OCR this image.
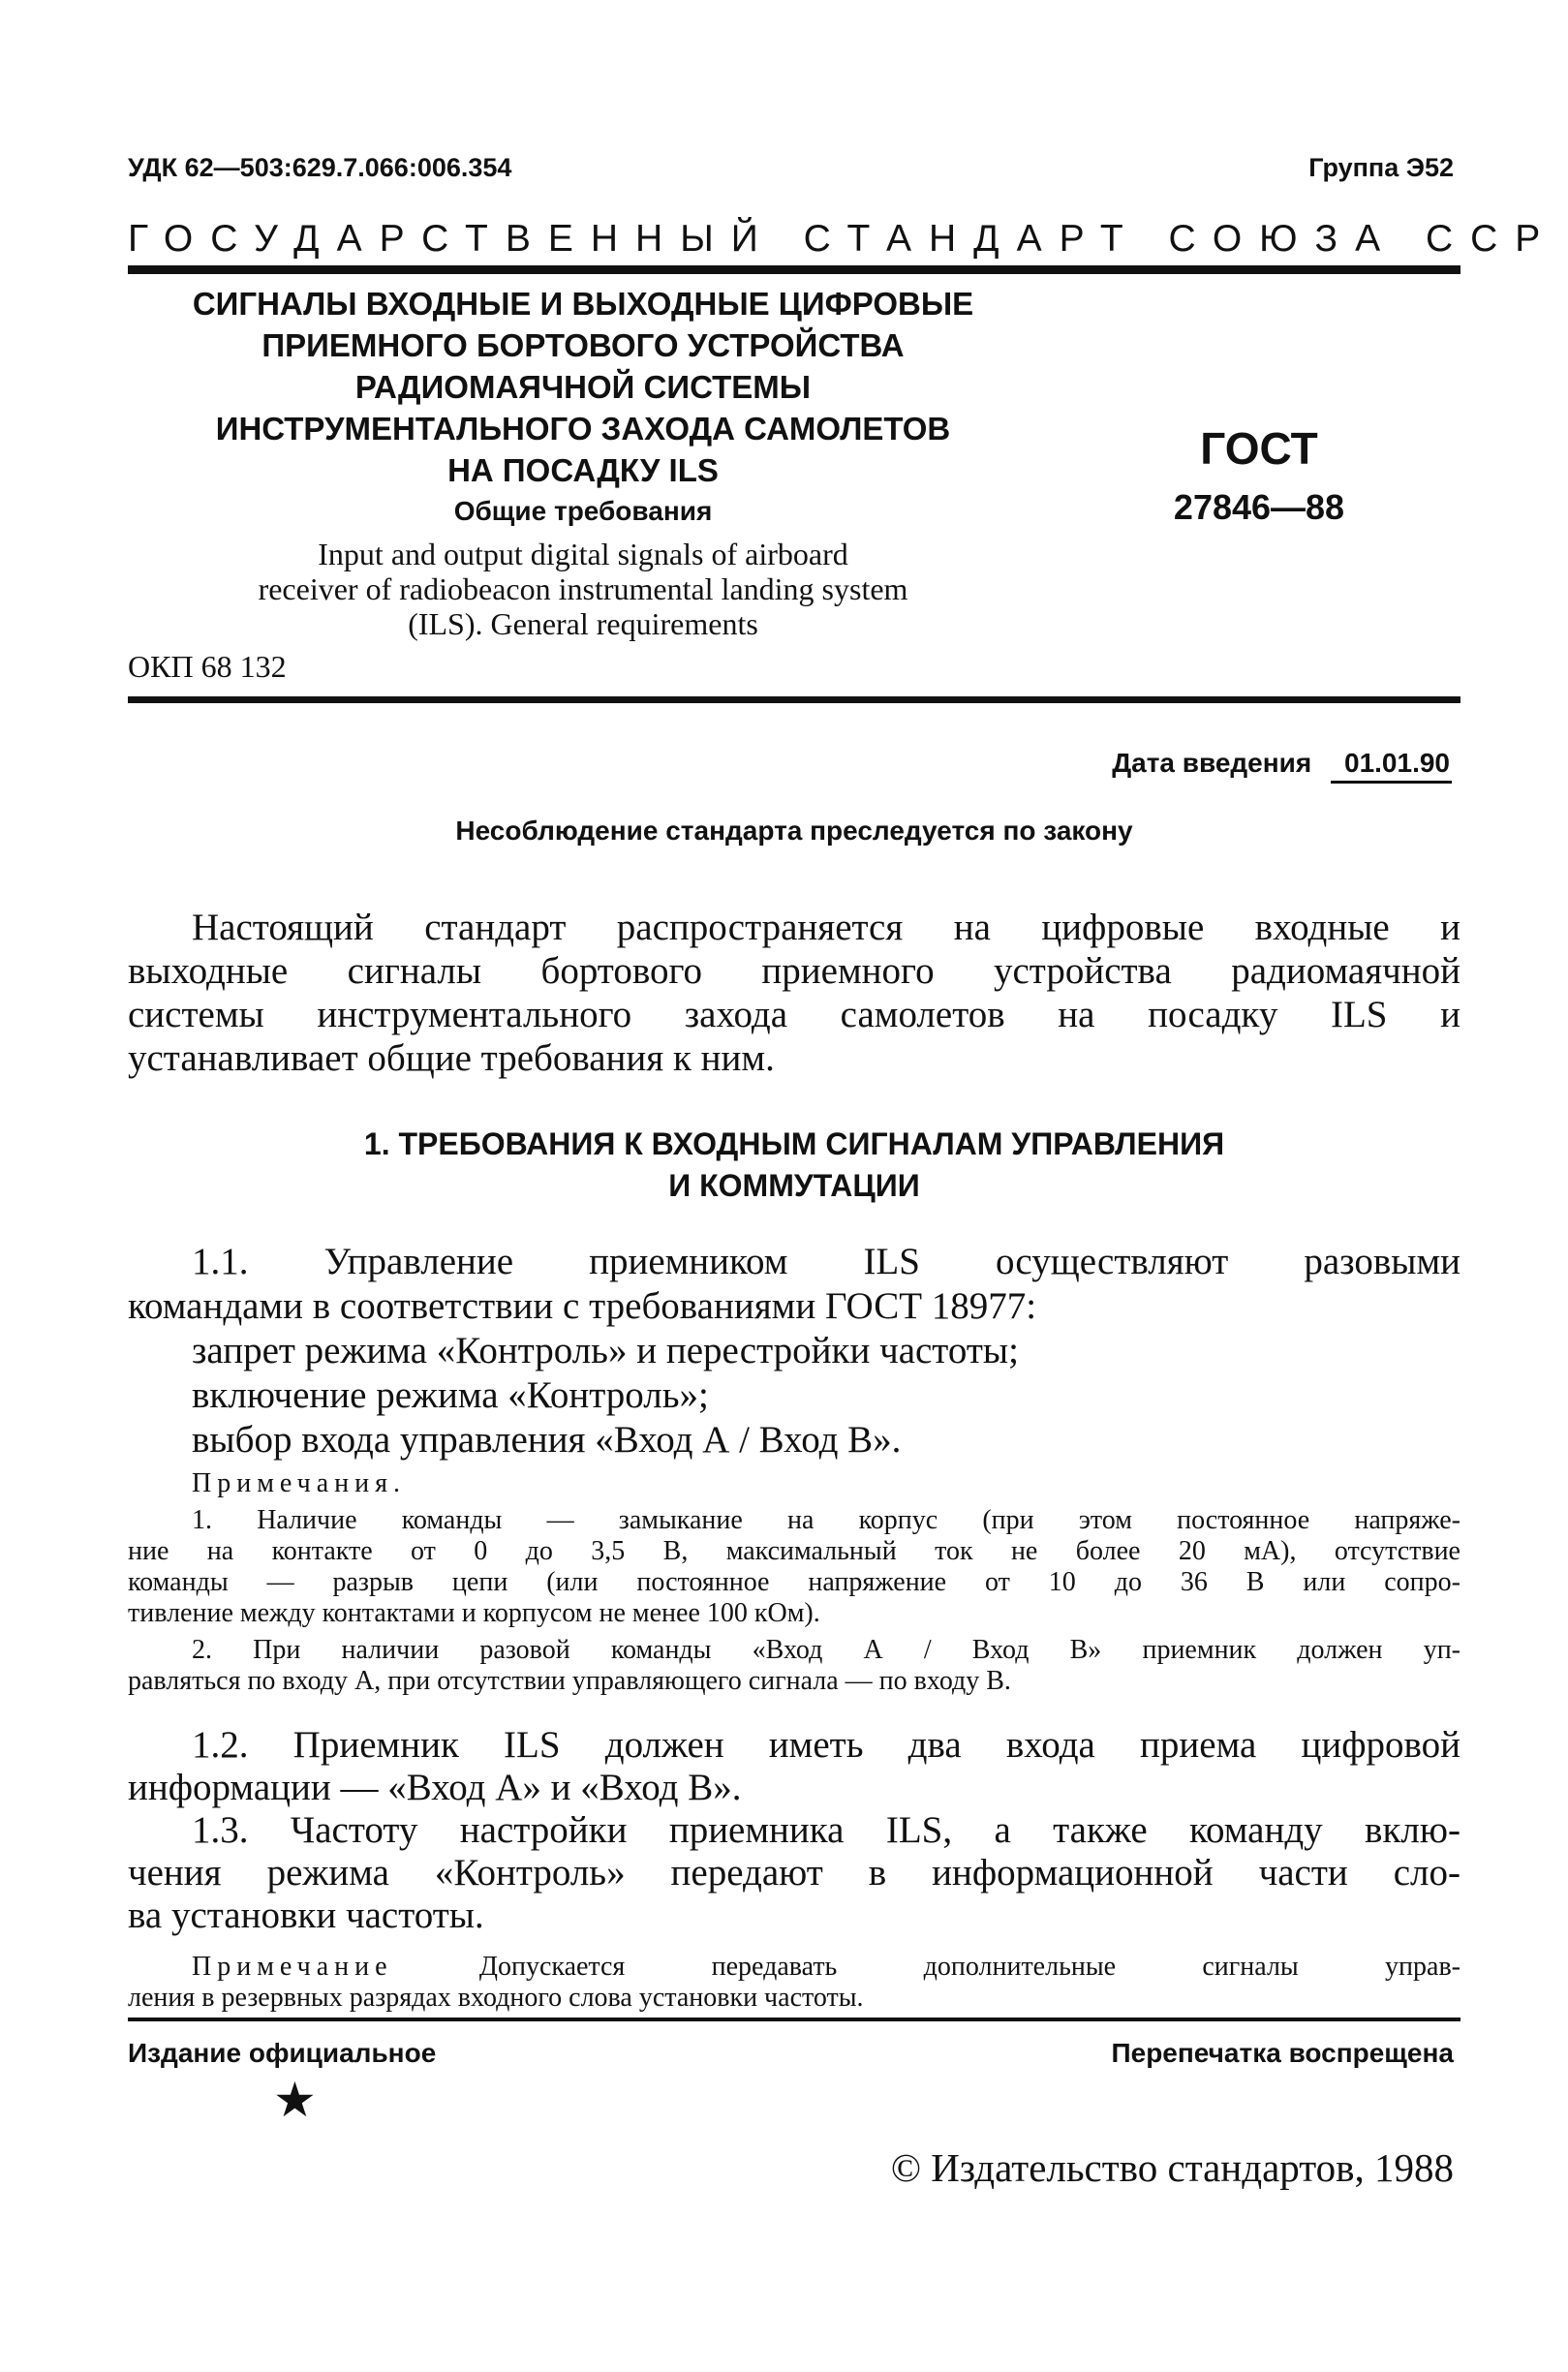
УДК 62—503:629.7.066:006.354	Группа Э52
ГОСУДАРСТВЕННЫЙ СТАНДАРТ СОЮЗА ССР
СИГНАЛЫ ВХОДНЫЕ И ВЫХОДНЫЕ ЦИФРОВЫЕ
ПРИЕМНОГО БОРТОВОГО УСТРОЙСТВА
РАДИОМАЯЧНОЙ СИСТЕМЫ
ИНСТРУМЕНТАЛЬНОГО ЗАХОДА САМОЛЕТОВ
НА ПОСАДКУ ILS
Общие требования
Input and output digital signals of airboard
receiver of radiobeacon instrumental landing system
(ILS). General requirements
ОКП 68 132
ГОСТ
27846—88
Дата введения 01.01.90
Несоблюдение стандарта преследуется по закону
Настоящий стандарт распространяется на цифровые входные и
выходные сигналы бортового приемного устройства радиомаячной
системы инструментального захода самолетов на посадку ILS и
устанавливает общие требования к ним.
1. ТРЕБОВАНИЯ К ВХОДНЫМ СИГНАЛАМ УПРАВЛЕНИЯ
И КОММУТАЦИИ
1.1. Управление приемником ILS осуществляют разовыми
командами в соответствии с требованиями ГОСТ 18977:
запрет режима «Контроль» и перестройки частоты;
включение режима «Контроль»;
выбор входа управления «Вход А / Вход В».
Примечания.
1. Наличие команды — замыкание на корпус (при этом постоянное напряже-
ние на контакте от 0 до 3,5 В, максимальный ток не более 20 мА), отсутствие
команды — разрыв цепи (или постоянное напряжение от 10 до 36 В или сопро-
тивление между контактами и корпусом не менее 100 кОм).
2. При наличии разовой команды «Вход А / Вход В» приемник должен уп-
равляться по входу А, при отсутствии управляющего сигнала — по входу В.
1.2. Приемник ILS должен иметь два входа приема цифровой
информации — «Вход А» и «Вход В».
1.3. Частоту настройки приемника ILS, а также команду вклю-
чения режима «Контроль» передают в информационной части сло-
ва установки частоты.
Примечание	Допускается передавать дополнительные сигналы управ-
ления в резервных разрядах входного слова установки частоты.
Издание официальное	Перепечатка воспрещена
★
© Издательство стандартов, 1988
